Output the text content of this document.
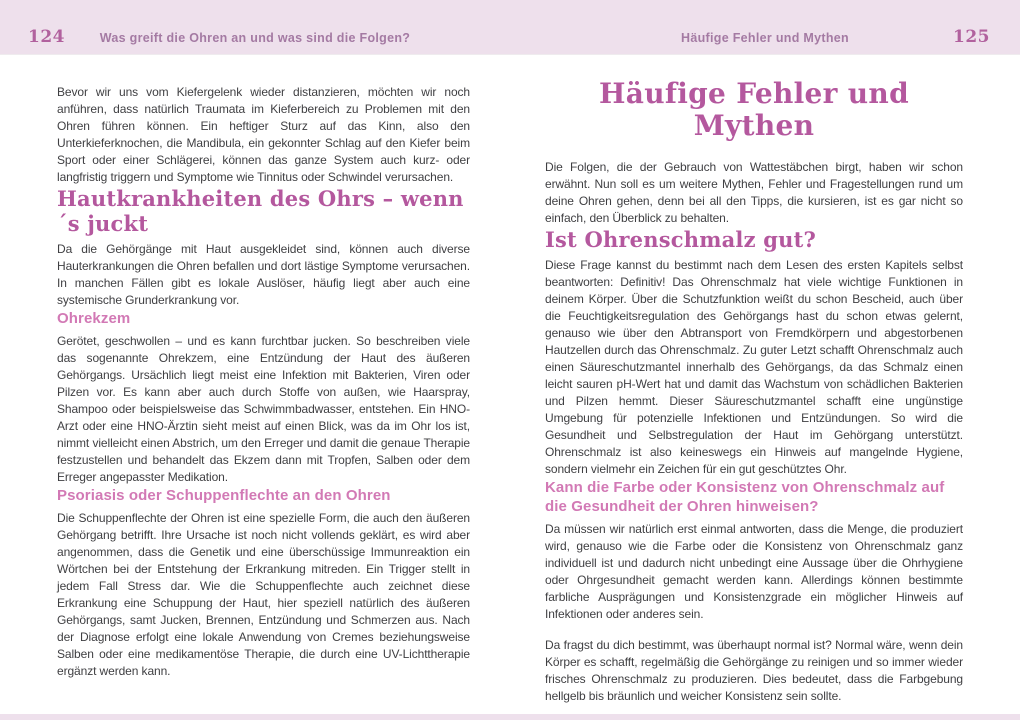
124	Was greift die Ohren an und was sind die Folgen?	Häufige Fehler und Mythen	125

Bevor wir uns vom Kiefergelenk wieder distanzieren, möchten wir noch anführen, dass natürlich Traumata im Kieferbereich zu Problemen mit den Ohren führen können. Ein heftiger Sturz auf das Kinn, also den Unterkieferknochen, die Mandibula, ein gekonnter Schlag auf den Kiefer beim Sport oder einer Schlägerei, können das ganze System auch kurz- oder langfristig triggern und Symptome wie Tinnitus oder Schwindel verursachen.

Hautkrankheiten des Ohrs – wenn´s juckt

Da die Gehörgänge mit Haut ausgekleidet sind, können auch diverse Hauterkrankungen die Ohren befallen und dort lästige Symptome verursachen. In manchen Fällen gibt es lokale Auslöser, häufig liegt aber auch eine systemische Grunderkrankung vor.

Ohrekzem

Gerötet, geschwollen – und es kann furchtbar jucken. So beschreiben viele das sogenannte Ohrekzem, eine Entzündung der Haut des äußeren Gehörgangs. Ursächlich liegt meist eine Infektion mit Bakterien, Viren oder Pilzen vor. Es kann aber auch durch Stoffe von außen, wie Haarspray, Shampoo oder beispielsweise das Schwimmbadwasser, entstehen. Ein HNO-Arzt oder eine HNO-Ärztin sieht meist auf einen Blick, was da im Ohr los ist, nimmt vielleicht einen Abstrich, um den Erreger und damit die genaue Therapie festzustellen und behandelt das Ekzem dann mit Tropfen, Salben oder dem Erreger angepasster Medikation.

Psoriasis oder Schuppenflechte an den Ohren

Die Schuppenflechte der Ohren ist eine spezielle Form, die auch den äußeren Gehörgang betrifft. Ihre Ursache ist noch nicht vollends geklärt, es wird aber angenommen, dass die Genetik und eine überschüssige Immunreaktion ein Wörtchen bei der Entstehung der Erkrankung mitreden. Ein Trigger stellt in jedem Fall Stress dar. Wie die Schuppenflechte auch zeichnet diese Erkrankung eine Schuppung der Haut, hier speziell natürlich des äußeren Gehörgangs, samt Jucken, Brennen, Entzündung und Schmerzen aus. Nach der Diagnose erfolgt eine lokale Anwendung von Cremes beziehungsweise Salben oder eine medikamentöse Therapie, die durch eine UV-Lichttherapie ergänzt werden kann.

Häufige Fehler und Mythen

Die Folgen, die der Gebrauch von Wattestäbchen birgt, haben wir schon erwähnt. Nun soll es um weitere Mythen, Fehler und Fragestellungen rund um deine Ohren gehen, denn bei all den Tipps, die kursieren, ist es gar nicht so einfach, den Überblick zu behalten.

Ist Ohrenschmalz gut?

Diese Frage kannst du bestimmt nach dem Lesen des ersten Kapitels selbst beantworten: Definitiv! Das Ohrenschmalz hat viele wichtige Funktionen in deinem Körper. Über die Schutzfunktion weißt du schon Bescheid, auch über die Feuchtigkeitsregulation des Gehörgangs hast du schon etwas gelernt, genauso wie über den Abtransport von Fremdkörpern und abgestorbenen Hautzellen durch das Ohrenschmalz. Zu guter Letzt schafft Ohrenschmalz auch einen Säureschutzmantel innerhalb des Gehörgangs, da das Schmalz einen leicht sauren pH-Wert hat und damit das Wachstum von schädlichen Bakterien und Pilzen hemmt. Dieser Säureschutzmantel schafft eine ungünstige Umgebung für potenzielle Infektionen und Entzündungen. So wird die Gesundheit und Selbstregulation der Haut im Gehörgang unterstützt. Ohrenschmalz ist also keineswegs ein Hinweis auf mangelnde Hygiene, sondern vielmehr ein Zeichen für ein gut geschütztes Ohr.

Kann die Farbe oder Konsistenz von Ohrenschmalz auf die Gesundheit der Ohren hinweisen?

Da müssen wir natürlich erst einmal antworten, dass die Menge, die produziert wird, genauso wie die Farbe oder die Konsistenz von Ohrenschmalz ganz individuell ist und dadurch nicht unbedingt eine Aussage über die Ohrhygiene oder Ohrgesundheit gemacht werden kann. Allerdings können bestimmte farbliche Ausprägungen und Konsistenzgrade ein möglicher Hinweis auf Infektionen oder anderes sein.

Da fragst du dich bestimmt, was überhaupt normal ist? Normal wäre, wenn dein Körper es schafft, regelmäßig die Gehörgänge zu reinigen und so immer wieder frisches Ohrenschmalz zu produzieren. Dies bedeutet, dass die Farbgebung hellgelb bis bräunlich und weicher Konsistenz sein sollte.
